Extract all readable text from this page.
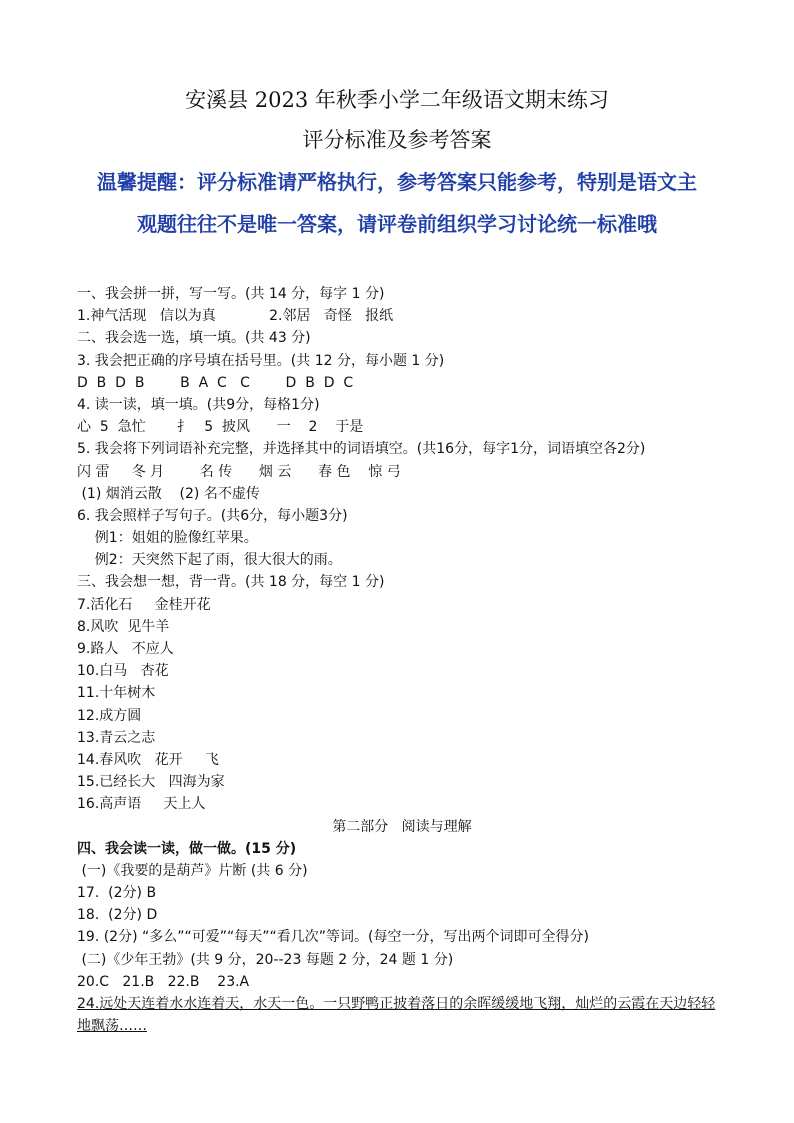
安溪县 2023 年秋季小学二年级语文期末练习
评分标准及参考答案
温馨提醒：评分标准请严格执行，参考答案只能参考，特别是语文主
观题往往不是唯一答案，请评卷前组织学习讨论统一标准哦
一、我会拼一拼，写一写。(共 14 分，每字 1 分)
1.神气活现   信以为真            2.邻居   奇怪   报纸
二、我会选一选，填一填。(共 43 分)
3. 我会把正确的序号填在括号里。(共 12 分，每小题 1 分)
D  B  D  B        B  A  C   C        D  B  D  C
4. 读一读，填一填。(共9分，每格1分)
心  5  急忙       扌   5  披风      一    2    于是
5. 我会将下列词语补充完整，并选择其中的词语填空。(共16分，每字1分，词语填空各2分)
闪 雷     冬 月        名 传      烟 云      春 色    惊 弓
(1) 烟消云散    (2) 名不虚传
6. 我会照样子写句子。(共6分，每小题3分)
例1：姐姐的脸像红苹果。
例2：天突然下起了雨，很大很大的雨。
三、我会想一想，背一背。(共 18 分，每空 1 分)
7.活化石     金桂开花
8.风吹  见牛羊
9.路人   不应人
10.白马   杏花
11.十年树木
12.成方圆
13.青云之志
14.春风吹   花开     飞
15.已经长大   四海为家
16.高声语     天上人
第二部分   阅读与理解
四、我会读一读，做一做。(15 分)
(一)《我要的是葫芦》片断 (共 6 分)
17.  (2分) B
18.  (2分) D
19. (2分) “多么”“可爱”“每天”“看几次”等词。(每空一分，写出两个词即可全得分)
(二)《少年王勃》(共 9 分，20--23 每题 2 分，24 题 1 分)
20.C   21.B   22.B    23.A
24.远处天连着水水连着天，水天一色。一只野鸭正披着落日的余晖缓缓地飞翔，灿烂的云霞在天边轻轻地飘荡……
